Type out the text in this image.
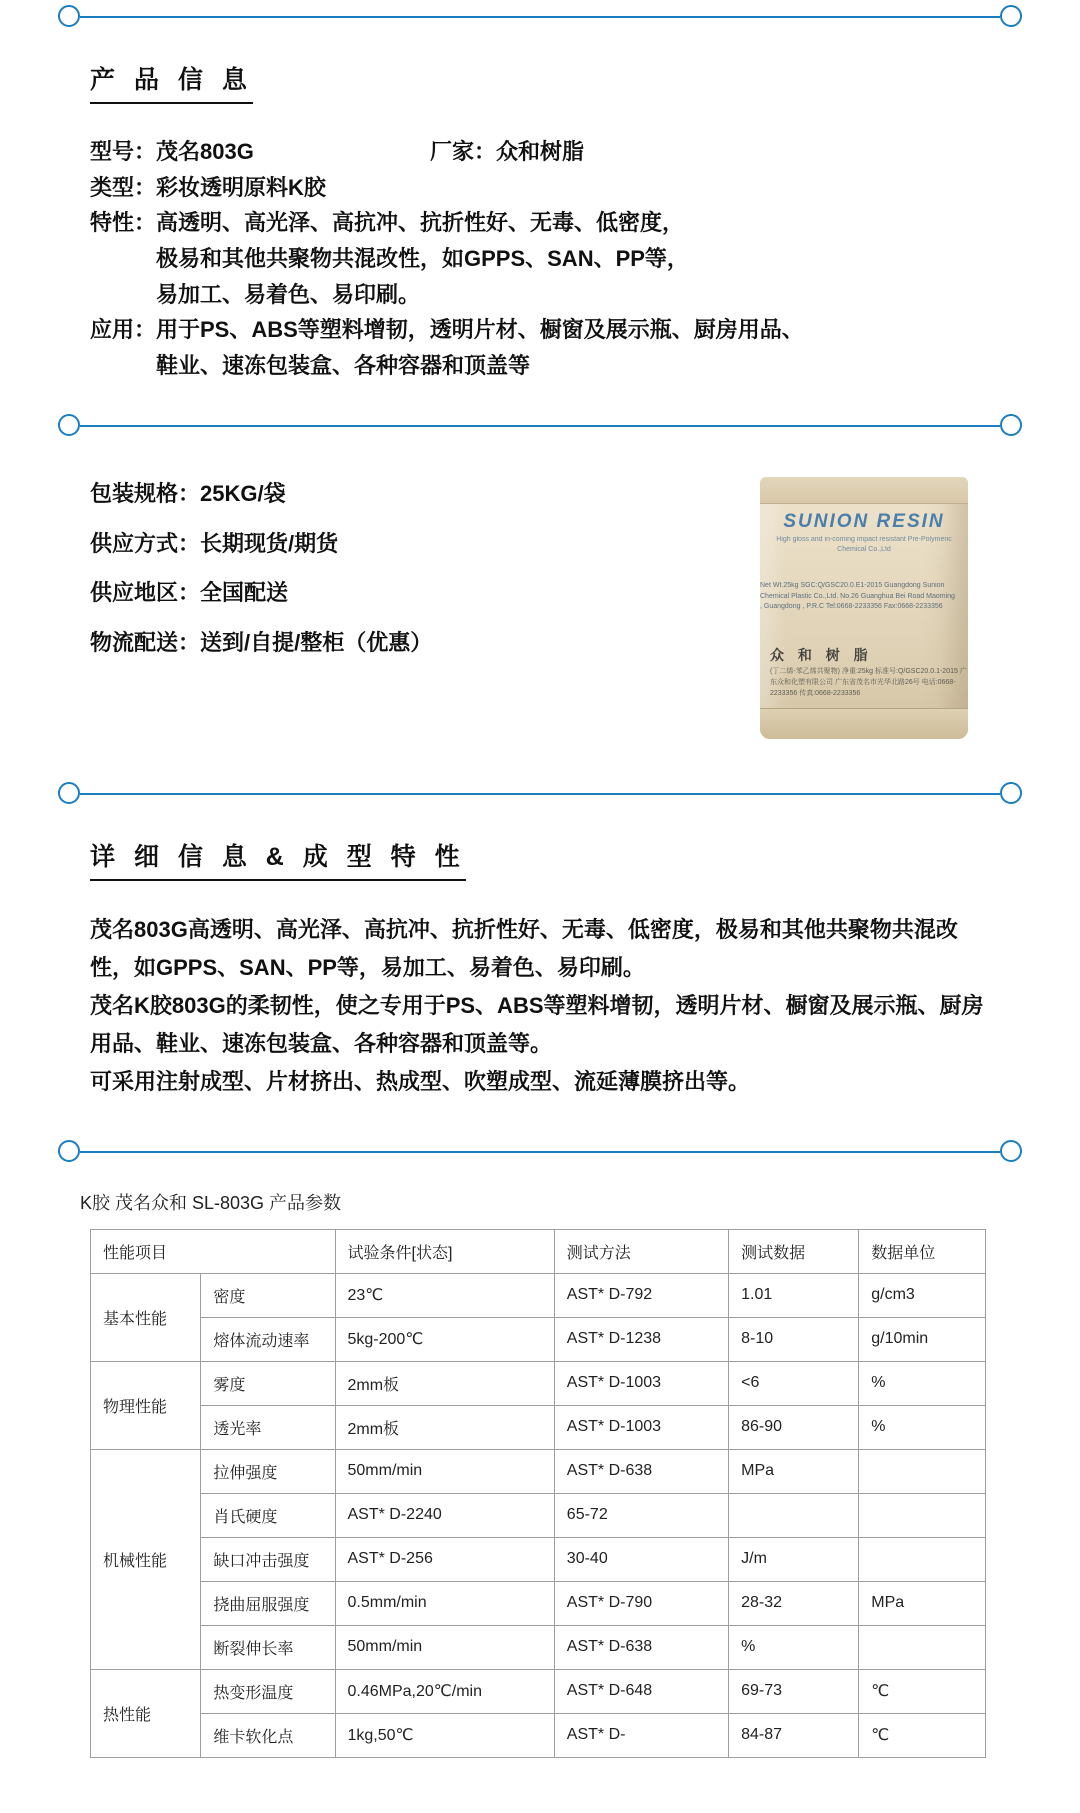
产 品 信 息
型号：茂名803G	厂家：众和树脂
类型：彩妆透明原料K胶
特性：高透明、高光泽、高抗冲、抗折性好、无毒、低密度，
极易和其他共聚物共混改性，如GPPS、SAN、PP等，
易加工、易着色、易印刷。
应用：用于PS、ABS等塑料增韧，透明片材、橱窗及展示瓶、厨房用品、
鞋业、速冻包装盒、各种容器和顶盖等
包装规格：25KG/袋
供应方式：长期现货/期货
供应地区：全国配送
物流配送：送到/自提/整柜（优惠）
SUNION RESIN
High gloss and in-coming impact resistant Pre-Polymeric Chemical Co.,Ltd
Net Wt.25kg SGC:Q/GSC20.0.E1-2015 Guangdong Sunion Chemical Plastic Co.,Ltd. No.26 Guanghua Bei Road Maoming , Guangdong , P.R.C Tel:0668-2233356 Fax:0668-2233356
众 和 树 脂
(丁二烯-苯乙烯共聚物) 净重:25kg 标准号:Q/GSC20.0.1-2015 广东众和化塑有限公司 广东省茂名市光华北路26号 电话:0668-2233356 传真:0668-2233356
详 细 信 息 & 成 型 特 性

茂名803G高透明、高光泽、高抗冲、抗折性好、无毒、低密度，极易和其他共聚物共混改性，如GPPS、SAN、PP等，易加工、易着色、易印刷。

茂名K胶803G的柔韧性，使之专用于PS、ABS等塑料增韧，透明片材、橱窗及展示瓶、厨房用品、鞋业、速冻包装盒、各种容器和顶盖等。

可采用注射成型、片材挤出、热成型、吹塑成型、流延薄膜挤出等。

K胶 茂名众和 SL-803G 产品参数
性能项目		试验条件[状态]	测试方法	测试数据	数据单位
基本性能	密度	23℃	AST* D-792	1.01	g/cm3
	熔体流动速率	5kg-200℃	AST* D-1238	8-10	g/10min
物理性能	雾度	2mm板	AST* D-1003	<6	%
	透光率	2mm板	AST* D-1003	86-90	%
机械性能	拉伸强度	50mm/min	AST* D-638	MPa	
	肖氏硬度	AST* D-2240	65-72		
	缺口冲击强度	AST* D-256	30-40	J/m	
	挠曲屈服强度	0.5mm/min	AST* D-790	28-32	MPa
	断裂伸长率	50mm/min	AST* D-638	%	
热性能	热变形温度	0.46MPa,20℃/min	AST* D-648	69-73	℃
	维卡软化点	1kg,50℃	AST* D-	84-87	℃
